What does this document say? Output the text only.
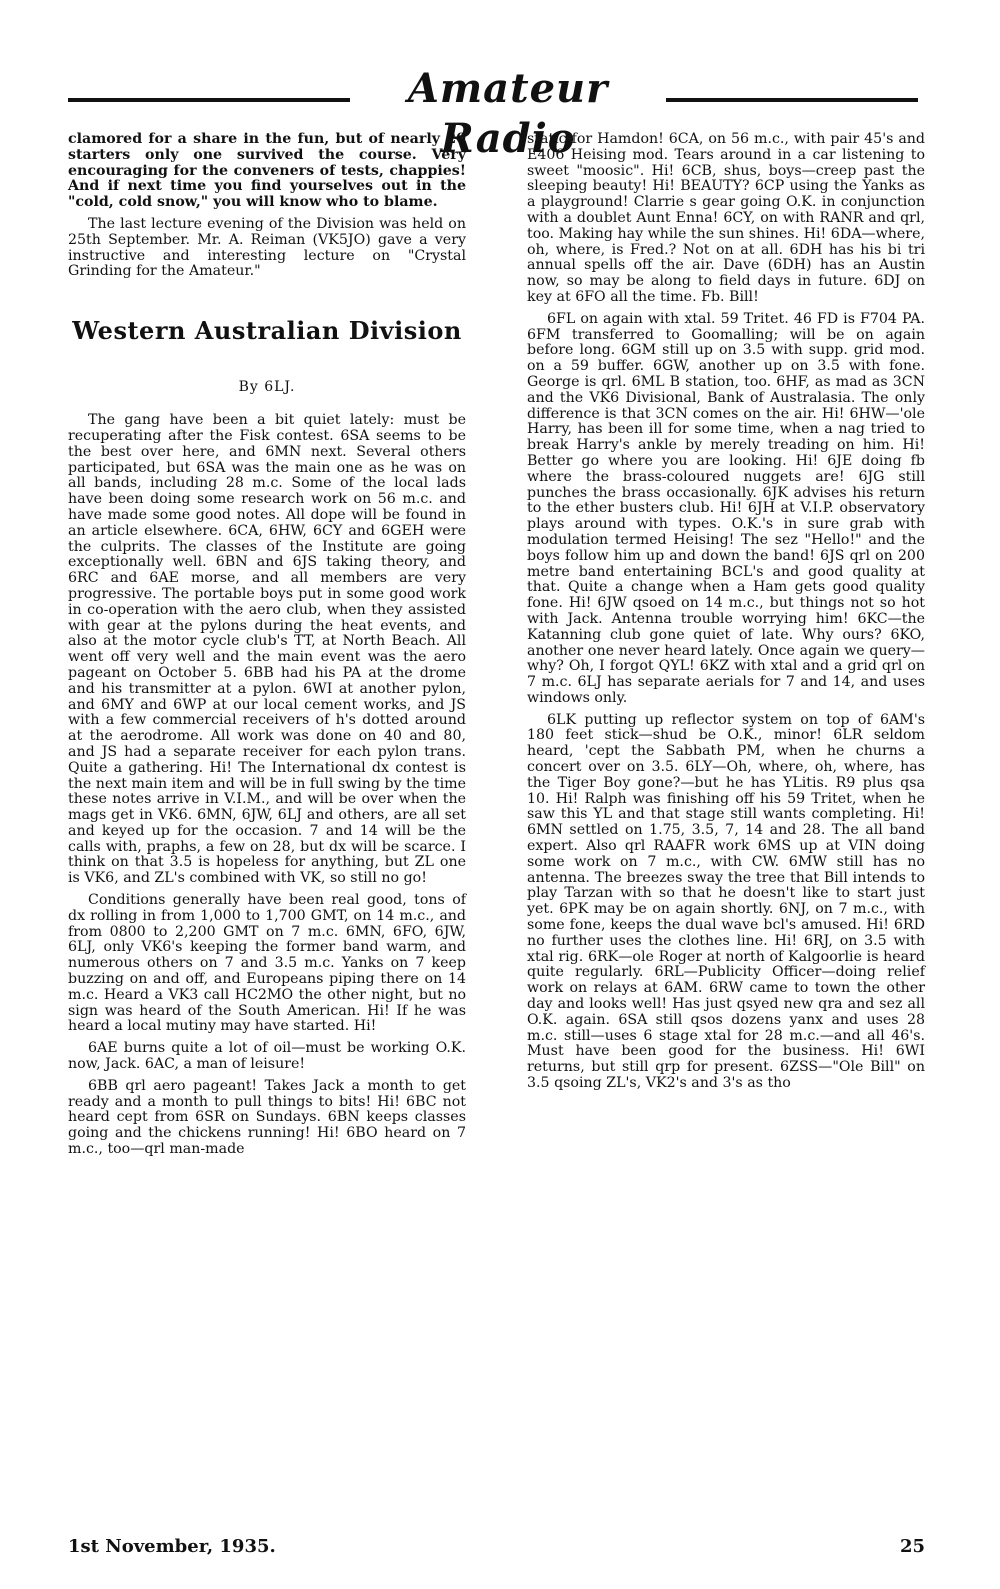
Amateur Radio

clamored for a share in the fun, but of nearly 20 starters only one survived the course. Very encouraging for the conveners of tests, chappies! And if next time you find yourselves out in the "cold, cold snow," you will know who to blame.

The last lecture evening of the Division was held on 25th September. Mr. A. Reiman (VK5JO) gave a very instructive and interesting lecture on "Crystal Grinding for the Amateur."

Western Australian Division
By 6LJ.

The gang have been a bit quiet lately: must be recuperating after the Fisk contest. 6SA seems to be the best over here, and 6MN next. Several others participated, but 6SA was the main one as he was on all bands, including 28 m.c. Some of the local lads have been doing some research work on 56 m.c. and have made some good notes. All dope will be found in an article elsewhere. 6CA, 6HW, 6CY and 6GEH were the culprits. The classes of the Institute are going exceptionally well. 6BN and 6JS taking theory, and 6RC and 6AE morse, and all members are very progressive. The portable boys put in some good work in co-operation with the aero club, when they assisted with gear at the pylons during the heat events, and also at the motor cycle club's TT, at North Beach. All went off very well and the main event was the aero pageant on October 5. 6BB had his PA at the drome and his transmitter at a pylon. 6WI at another pylon, and 6MY and 6WP at our local cement works, and JS with a few commercial receivers of h's dotted around at the aerodrome. All work was done on 40 and 80, and JS had a separate receiver for each pylon trans. Quite a gathering. Hi! The International dx contest is the next main item and will be in full swing by the time these notes arrive in V.I.M., and will be over when the mags get in VK6. 6MN, 6JW, 6LJ and others, are all set and keyed up for the occasion. 7 and 14 will be the calls with, praphs, a few on 28, but dx will be scarce. I think on that 3.5 is hopeless for anything, but ZL one is VK6, and ZL's combined with VK, so still no go!

Conditions generally have been real good, tons of dx rolling in from 1,000 to 1,700 GMT, on 14 m.c., and from 0800 to 2,200 GMT on 7 m.c. 6MN, 6FO, 6JW, 6LJ, only VK6's keeping the former band warm, and numerous others on 7 and 3.5 m.c. Yanks on 7 keep buzzing on and off, and Europeans piping there on 14 m.c. Heard a VK3 call HC2MO the other night, but no sign was heard of the South American. Hi! If he was heard a local mutiny may have started. Hi!

6AE burns quite a lot of oil—must be working O.K. now, Jack. 6AC, a man of leisure!

6BB qrl aero pageant! Takes Jack a month to get ready and a month to pull things to bits! Hi! 6BC not heard cept from 6SR on Sundays. 6BN keeps classes going and the chickens running! Hi! 6BO heard on 7 m.c., too—qrl man-made

static for Hamdon! 6CA, on 56 m.c., with pair 45's and E406 Heising mod. Tears around in a car listening to sweet "moosic". Hi! 6CB, shus, boys—creep past the sleeping beauty! Hi! BEAUTY? 6CP using the Yanks as a playground! Clarrie s gear going O.K. in conjunction with a doublet Aunt Enna! 6CY, on with RANR and qrl, too. Making hay while the sun shines. Hi! 6DA—where, oh, where, is Fred.? Not on at all. 6DH has his bi tri annual spells off the air. Dave (6DH) has an Austin now, so may be along to field days in future. 6DJ on key at 6FO all the time. Fb. Bill!

6FL on again with xtal. 59 Tritet. 46 FD is F704 PA. 6FM transferred to Goomalling; will be on again before long. 6GM still up on 3.5 with supp. grid mod. on a 59 buffer. 6GW, another up on 3.5 with fone. George is qrl. 6ML B station, too. 6HF, as mad as 3CN and the VK6 Divisional, Bank of Australasia. The only difference is that 3CN comes on the air. Hi! 6HW—'ole Harry, has been ill for some time, when a nag tried to break Harry's ankle by merely treading on him. Hi! Better go where you are looking. Hi! 6JE doing fb where the brass-coloured nuggets are! 6JG still punches the brass occasionally. 6JK advises his return to the ether busters club. Hi! 6JH at V.I.P. observatory plays around with types. O.K.'s in sure grab with modulation termed Heising! The sez "Hello!" and the boys follow him up and down the band! 6JS qrl on 200 metre band entertaining BCL's and good quality at that. Quite a change when a Ham gets good quality fone. Hi! 6JW qsoed on 14 m.c., but things not so hot with Jack. Antenna trouble worrying him! 6KC—the Katanning club gone quiet of late. Why ours? 6KO, another one never heard lately. Once again we query—why? Oh, I forgot QYL! 6KZ with xtal and a grid qrl on 7 m.c. 6LJ has separate aerials for 7 and 14, and uses windows only.

6LK putting up reflector system on top of 6AM's 180 feet stick—shud be O.K., minor! 6LR seldom heard, 'cept the Sabbath PM, when he churns a concert over on 3.5. 6LY—Oh, where, oh, where, has the Tiger Boy gone?—but he has YLitis. R9 plus qsa 10. Hi! Ralph was finishing off his 59 Tritet, when he saw this YL and that stage still wants completing. Hi! 6MN settled on 1.75, 3.5, 7, 14 and 28. The all band expert. Also qrl RAAFR work 6MS up at VIN doing some work on 7 m.c., with CW. 6MW still has no antenna. The breezes sway the tree that Bill intends to play Tarzan with so that he doesn't like to start just yet. 6PK may be on again shortly. 6NJ, on 7 m.c., with some fone, keeps the dual wave bcl's amused. Hi! 6RD no further uses the clothes line. Hi! 6RJ, on 3.5 with xtal rig. 6RK—ole Roger at north of Kalgoorlie is heard quite regularly. 6RL—Publicity Officer—doing relief work on relays at 6AM. 6RW came to town the other day and looks well! Has just qsyed new qra and sez all O.K. again. 6SA still qsos dozens yanx and uses 28 m.c. still—uses 6 stage xtal for 28 m.c.—and all 46's. Must have been good for the business. Hi! 6WI returns, but still qrp for present. 6ZSS—"Ole Bill" on 3.5 qsoing ZL's, VK2's and 3's as tho

1st November, 1935.	25
